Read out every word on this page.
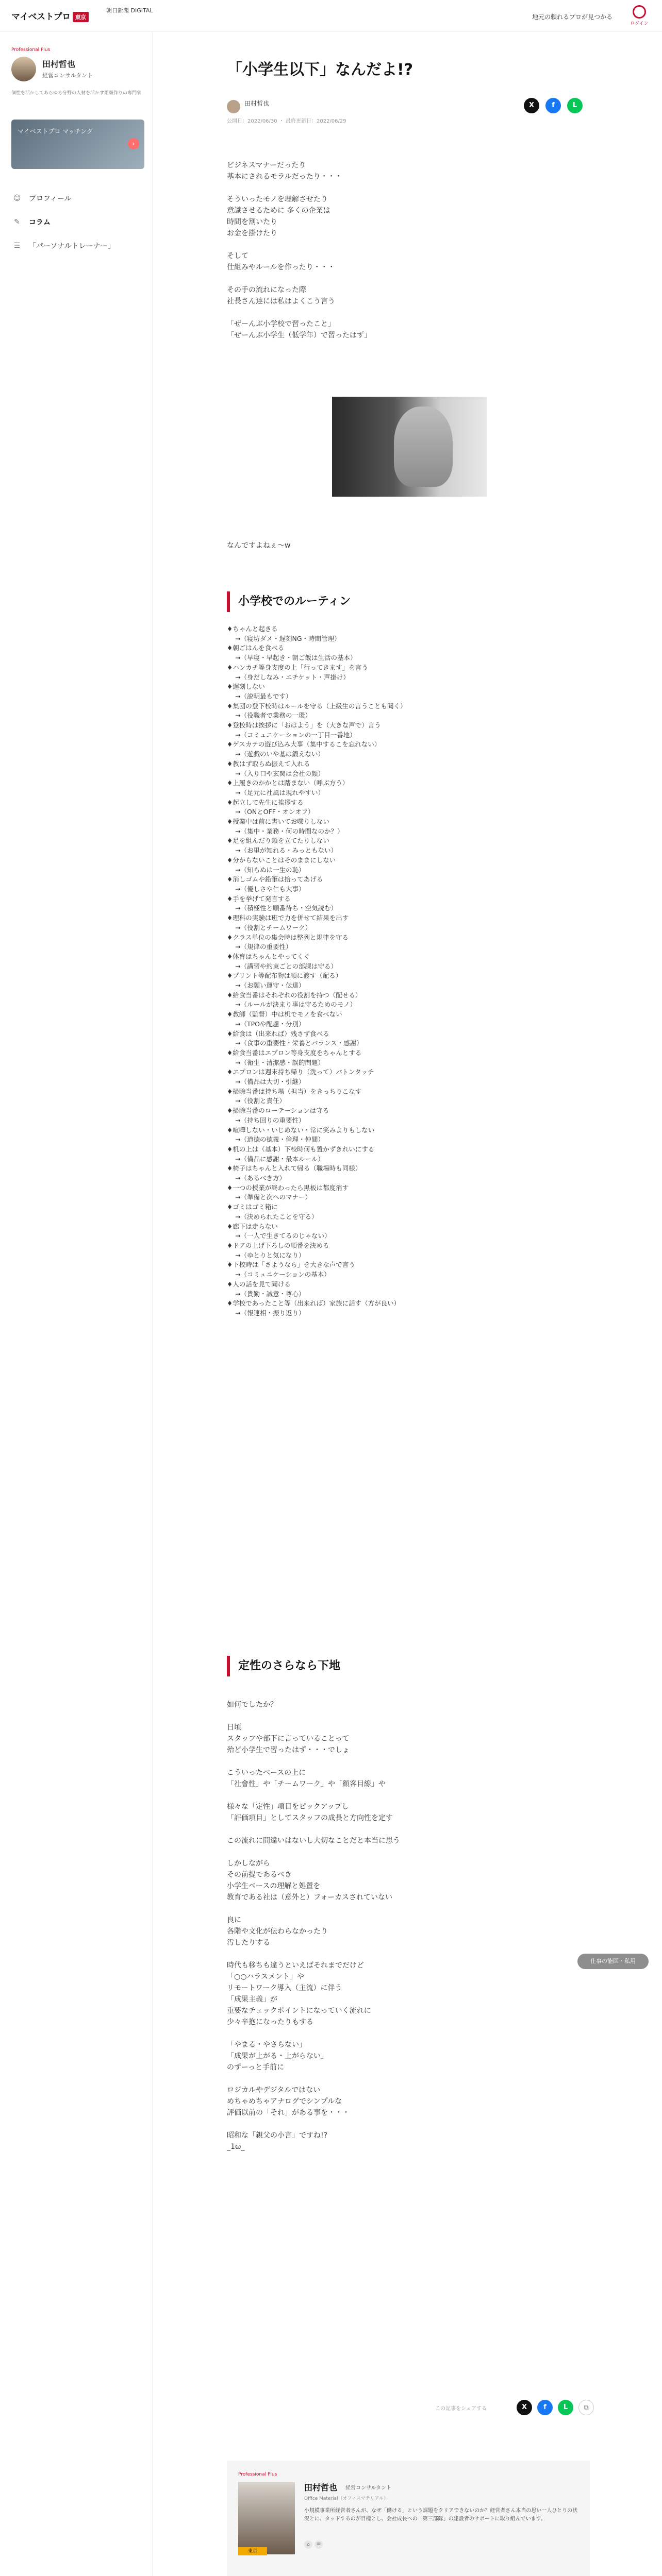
マイベストプロ 東京
朝日新聞 DIGITAL
地元の頼れるプロが見つかる
ログイン
Professional Plus
田村哲也
経営コンサルタント
個性を活かしてあらゆる分野の人材を活かす組織作りの専門家
マイベストプロ マッチング
›
☺ プロフィール
✎	コラム
☰	「パーソナルトレーナー」
「小学生以下」なんだよ!?
田村哲也
公開日：2022/06/30 ・ 最終更新日：2022/06/29
X	f	L
ビジネスマナーだったり
基本にされるモラルだったり・・・

そういったモノを理解させたり
意識させるために 多くの企業は
時間を割いたり
お金を掛けたり

そして
仕組みやルールを作ったり・・・

その手の流れになった際
社長さん達には私はよくこう言う

「ぜーんぶ小学校で習ったこと」
「ぜーんぶ小学生（低学年）で習ったはず」
なんですよねぇ〜w
小学校でのルーティン
♦ちゃんと起きる
→（寝坊ダメ・遅刻NG・時間管理）
♦朝ごはんを食べる
→（早寝・早起き・朝ご飯は生活の基本）
♦ハンカチ等身支度の上「行ってきます」を言う
→（身だしなみ・エチケット・声掛け）
♦遅刻しない
→（説明最もです）
♦集団の登下校時はルールを守る（上級生の言うことも聞く）
→（役職者で業務の一環）
♦登校時は挨拶に「おはよう」を（大きな声で）言う
→（コミュニケーションの一丁目一番地）
♦ゲスカテの遊び込み大事（集中するこを忘れない）
→（遊戯のいや基は鍛えない）
♦教はず取らぬ振えて入れる
→（入り口や玄関は会社の顔）
♦上履きのかかとは踏まない（呼ぶ方う）
→（足元に社風は現れやすい）
♦起立して先生に挨拶する
→（ONとOFF・オンオフ）
♦授業中は前に書いてお喋りしない
→（集中・業務・何の時間なのか？）
♦足を組んだり頬を立てたりしない
→（お里が知れる・みっともない）
♦分からないことはそのままにしない
→（知らぬは一生の恥）
♦消しゴムや鉛筆は拾ってあげる
→（優しさや仁も大事）
♦手を挙げて発言する
→（積極性と順番待ち・空気読む）
♦理科の実験は班で力を併せて結果を出す
→（役割とチームワーク）
♦クラス単位の集会時は整列と規律を守る
→（規律の重要性）
♦体育はちゃんとやってくぐ
→（講習や約束ごとの部課は守る）
♦プリント等配布物は順に渡す（配る）
→（お願い運守・伝達）
♦給食当番はそれぞれの役割を持つ（配せる）
→（ルールが決まり事は守るためのモノ）
♦教師（監督）中は机でモノを食べない
→（TPOや配慮・分別）
♦給食は（出来れば）残さず食べる
→（食事の重要性・栄養とバランス・感謝）
♦給食当番はエプロン等身支度をちゃんとする
→（衛生・清潔感・誤的問題）
♦エプロンは週末持ち帰り（洗って）バトンタッチ
→（備品は大切・引継）
♦掃除当番は持ち場（担当）をきっちりこなす
→（役割と責任）
♦掃除当番のローテーションは守る
→（持ち回りの重要性）
♦喧嘩しない・いじめない・常に笑みよりもしない
→（道徳の徳義・倫理・仲間）
♦机の上は（基本）下校時何も置かずきれいにする
→（備品に感謝・最本ルール）
♦椅子はちゃんと入れて帰る（職場時も同様）
→（あるべき方）
♦一つの授業が終わったら黒板は都度消す
→（準備と次へのマナー）
♦ゴミはゴミ箱に
→（決められたことを守る）
♦廊下は走らない
→（一人で生きてるのじゃない）
♦ドアの上げ下ろしの順番を決める
→（ゆとりと気になり）
♦下校時は「さようなら」を大きな声で言う
→（コミュニケーションの基本）
♦人の話を見て聞ける
→（貴勤・誠意・尊心）
♦学校であったこと等（出来れば）家族に話す（方が良い）
→（報連相・振り返り）
定性のさらなら下地
如何でしたか？

日頃
スタッフや部下に言っていることって
殆ど小学生で習ったはず・・・でしょ

こういったベースの上に
「社會性」や「チームワーク」や「顧客目線」や

様々な「定性」項目をピックアップし
「評価項目」としてスタッフの成長と方向性を定す

この流れに間違いはないし大切なことだと本当に思う

しかしながら
その前提であるべき
小学生ベースの理解と処置を
教育である社は（意外と）フォーカスされていない

良に
各階や文化が伝わらなかったり
汚したりする

時代も移ちも違うといえばそれまでだけど
「○○ハラスメント」や
リモートワーク導入（主流）に伴う
「成果主義」が
重要なチェックポイントになっていく流れに
少々辛抱になったりもする

「やまる・やさらない」
「成果が上がる・上がらない」
のずーっと手前に

ロジカルやデジタルではない
めちゃめちゃアナログでシンプルな
評価以前の「それ」がある事を・・・

昭和な「親父の小言」ですね!?
_1ω_
この記事をシェアする	X	f	L	⧉
Professional Plus
東京
田村哲也 経営コンサルタント
Office Material（オフィスマテリアル）
小規模事業所経営者さんが、なぜ「働ける」という課題をクリアできないのか？経営者さん本当の思い一人ひとりの状況とに、タッドするのが目標とし、会社成長への「第三部隊」の建設者のサポートに取り組んでいます。
⌂ ✉
仕事の能回・私用
